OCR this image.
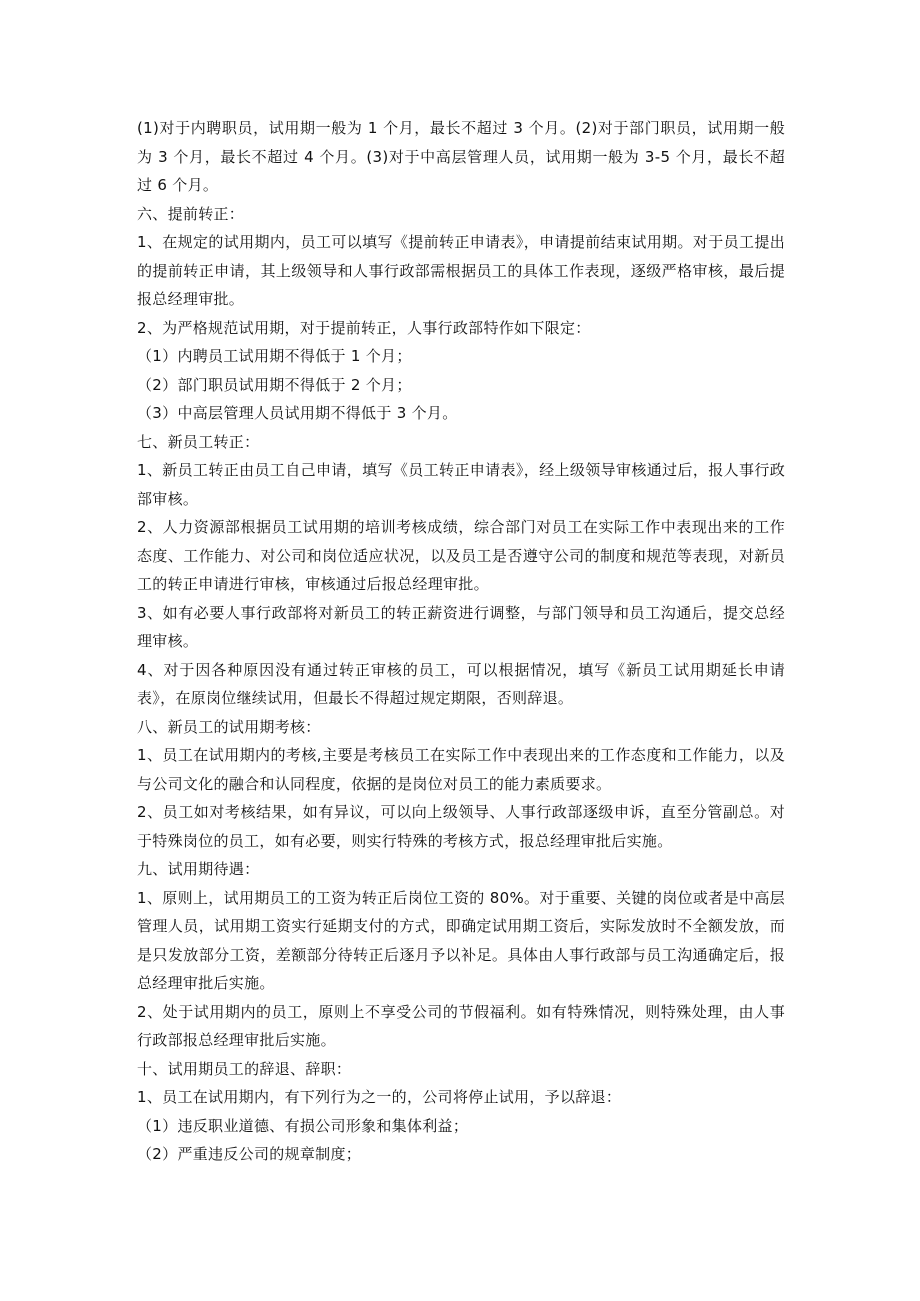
(1)对于内聘职员，试用期一般为 1 个月，最长不超过 3 个月。(2)对于部门职员，试用期一般为 3 个月，最长不超过 4 个月。(3)对于中高层管理人员，试用期一般为 3-5 个月，最长不超过 6 个月。

六、提前转正：

1、在规定的试用期内，员工可以填写《提前转正申请表》，申请提前结束试用期。对于员工提出的提前转正申请，其上级领导和人事行政部需根据员工的具体工作表现，逐级严格审核，最后提报总经理审批。

2、为严格规范试用期，对于提前转正，人事行政部特作如下限定：

（1）内聘员工试用期不得低于 1 个月；

（2）部门职员试用期不得低于 2 个月；

（3）中高层管理人员试用期不得低于 3 个月。

七、新员工转正：

1、新员工转正由员工自己申请，填写《员工转正申请表》，经上级领导审核通过后，报人事行政部审核。

2、人力资源部根据员工试用期的培训考核成绩，综合部门对员工在实际工作中表现出来的工作态度、工作能力、对公司和岗位适应状况，以及员工是否遵守公司的制度和规范等表现，对新员工的转正申请进行审核，审核通过后报总经理审批。

3、如有必要人事行政部将对新员工的转正薪资进行调整，与部门领导和员工沟通后，提交总经理审核。

4、对于因各种原因没有通过转正审核的员工，可以根据情况，填写《新员工试用期延长申请表》，在原岗位继续试用，但最长不得超过规定期限，否则辞退。

八、新员工的试用期考核：

1、员工在试用期内的考核,主要是考核员工在实际工作中表现出来的工作态度和工作能力，以及与公司文化的融合和认同程度，依据的是岗位对员工的能力素质要求。

2、员工如对考核结果，如有异议，可以向上级领导、人事行政部逐级申诉，直至分管副总。对于特殊岗位的员工，如有必要，则实行特殊的考核方式，报总经理审批后实施。

九、试用期待遇：

1、原则上，试用期员工的工资为转正后岗位工资的 80%。对于重要、关键的岗位或者是中高层管理人员，试用期工资实行延期支付的方式，即确定试用期工资后，实际发放时不全额发放，而是只发放部分工资，差额部分待转正后逐月予以补足。具体由人事行政部与员工沟通确定后，报总经理审批后实施。

2、处于试用期内的员工，原则上不享受公司的节假福利。如有特殊情况，则特殊处理，由人事行政部报总经理审批后实施。

十、试用期员工的辞退、辞职：

1、员工在试用期内，有下列行为之一的，公司将停止试用，予以辞退：

（1）违反职业道德、有损公司形象和集体利益；

（2）严重违反公司的规章制度；
